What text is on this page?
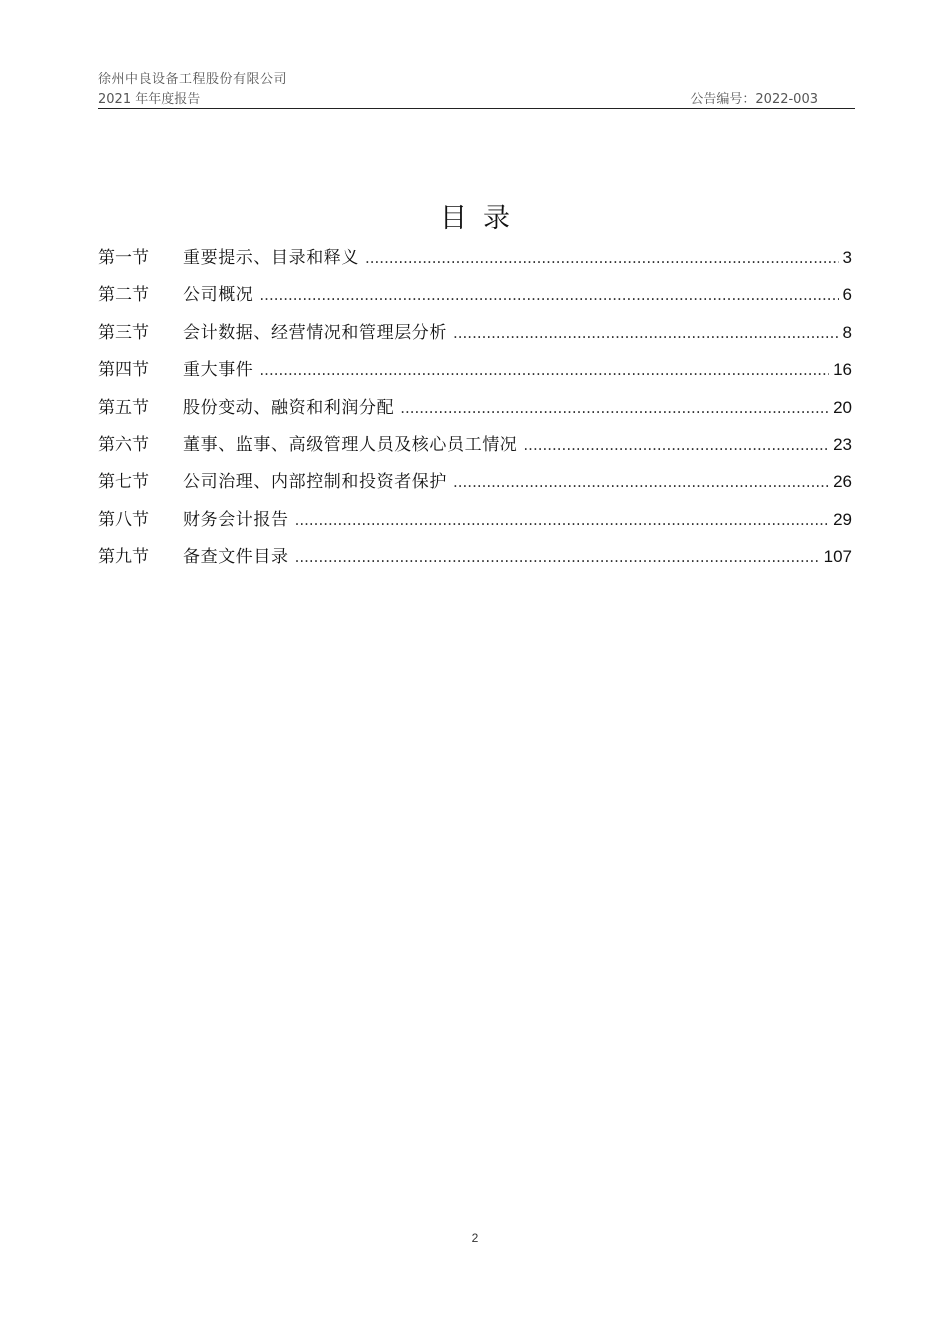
徐州中良设备工程股份有限公司
2021 年年度报告	公告编号：2022-003
目录
第一节	重要提示、目录和释义 .....	3
第二节	公司概况 .....	6
第三节	会计数据、经营情况和管理层分析 .....	8
第四节	重大事件 .....	16
第五节	股份变动、融资和利润分配 .....	20
第六节	董事、监事、高级管理人员及核心员工情况 .....	23
第七节	公司治理、内部控制和投资者保护 .....	26
第八节	财务会计报告 .....	29
第九节	备查文件目录 .....	107
2
